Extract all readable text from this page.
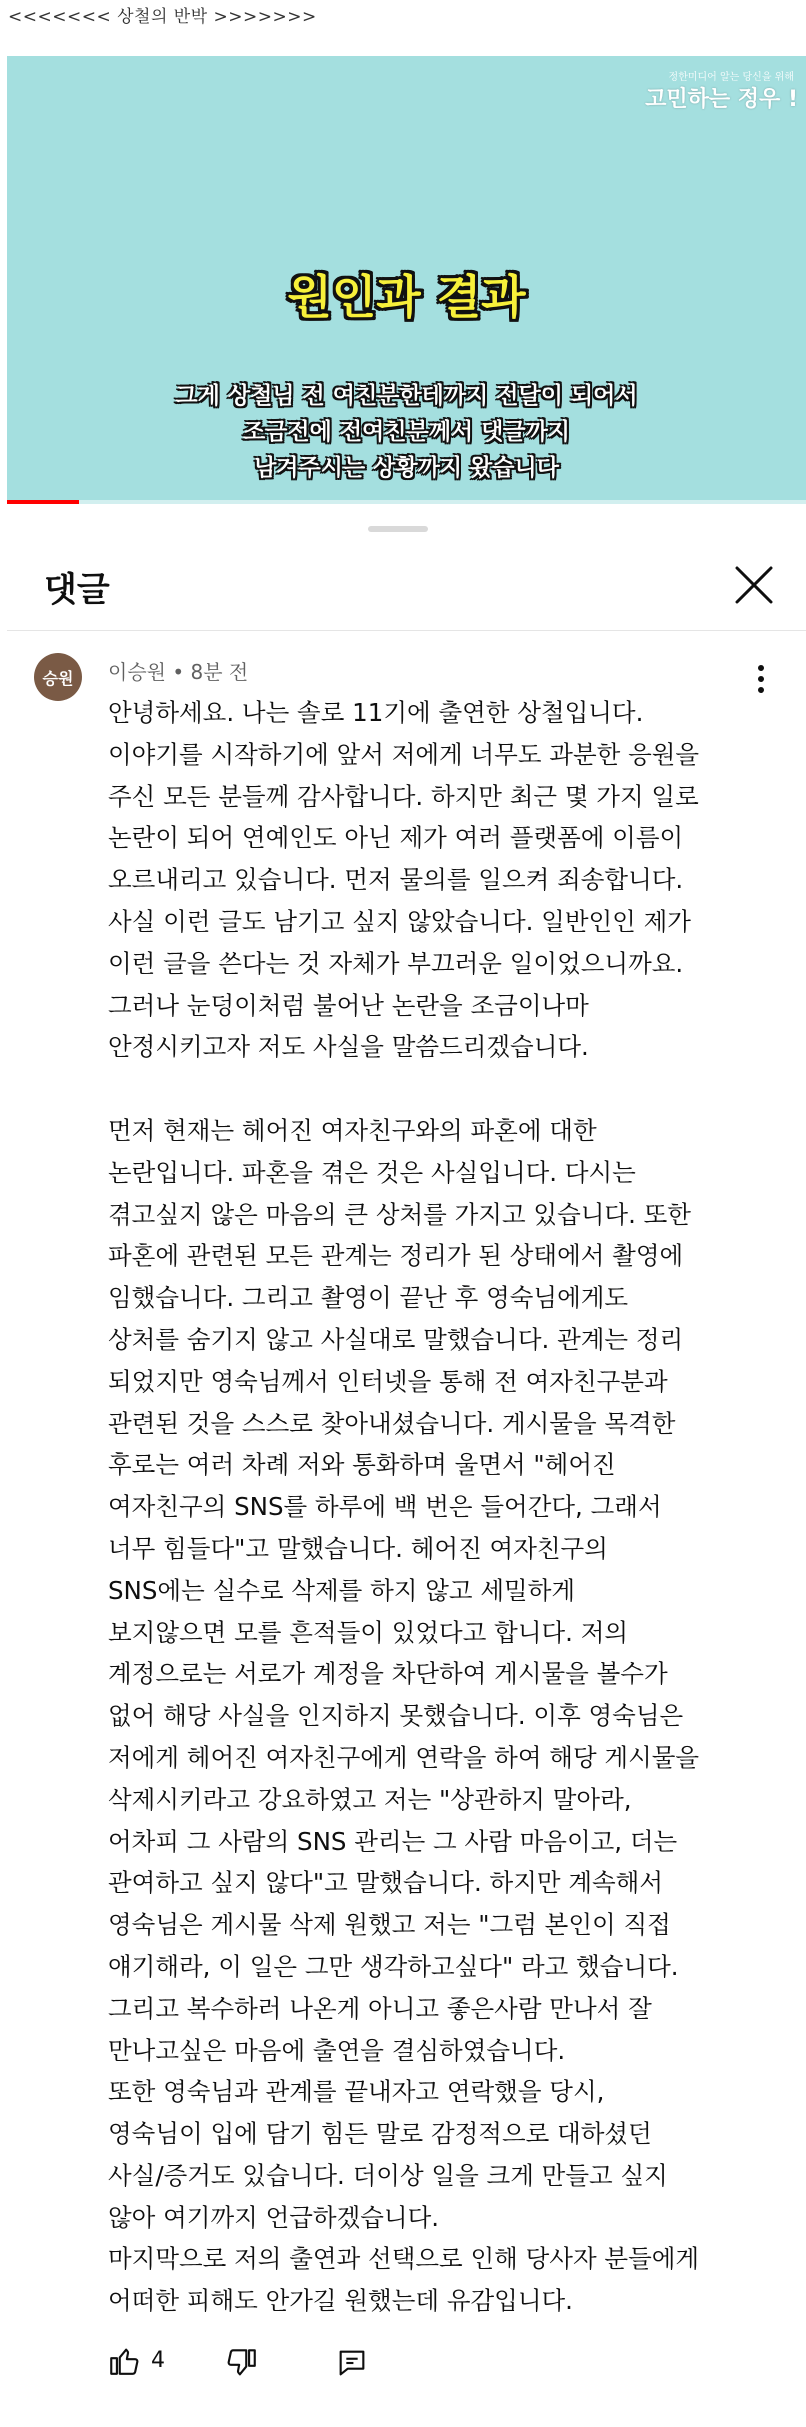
<<<<<<< 상철의 반박 >>>>>>>
정한미디어 알는 당신을 위해
고민하는 정우 !
원인과 결과
그게 상철님 전 여친분한테까지 전달이 되어서
조금전에 전여친분께서 댓글까지
남겨주시는 상황까지 왔습니다
댓글
승원	이승원 • 8분 전
안녕하세요. 나는 솔로 11기에 출연한 상철입니다.
이야기를 시작하기에 앞서 저에게 너무도 과분한 응원을
주신 모든 분들께 감사합니다. 하지만 최근 몇 가지 일로
논란이 되어 연예인도 아닌 제가 여러 플랫폼에 이름이
오르내리고 있습니다. 먼저 물의를 일으켜 죄송합니다.
사실 이런 글도 남기고 싶지 않았습니다. 일반인인 제가
이런 글을 쓴다는 것 자체가 부끄러운 일이었으니까요.
그러나 눈덩이처럼 불어난 논란을 조금이나마
안정시키고자 저도 사실을 말씀드리겠습니다.

먼저 현재는 헤어진 여자친구와의 파혼에 대한
논란입니다. 파혼을 겪은 것은 사실입니다. 다시는
겪고싶지 않은 마음의 큰 상처를 가지고 있습니다. 또한
파혼에 관련된 모든 관계는 정리가 된 상태에서 촬영에
임했습니다. 그리고 촬영이 끝난 후 영숙님에게도
상처를 숨기지 않고 사실대로 말했습니다. 관계는 정리
되었지만 영숙님께서 인터넷을 통해 전 여자친구분과
관련된 것을 스스로 찾아내셨습니다. 게시물을 목격한
후로는 여러 차례 저와 통화하며 울면서 "헤어진
여자친구의 SNS를 하루에 백 번은 들어간다, 그래서
너무 힘들다"고 말했습니다. 헤어진 여자친구의
SNS에는 실수로 삭제를 하지 않고 세밀하게
보지않으면 모를 흔적들이 있었다고 합니다. 저의
계정으로는 서로가 계정을 차단하여 게시물을 볼수가
없어 해당 사실을 인지하지 못했습니다. 이후 영숙님은
저에게 헤어진 여자친구에게 연락을 하여 해당 게시물을
삭제시키라고 강요하였고 저는 "상관하지 말아라,
어차피 그 사람의 SNS 관리는 그 사람 마음이고, 더는
관여하고 싶지 않다"고 말했습니다. 하지만 계속해서
영숙님은 게시물 삭제 원했고 저는 "그럼 본인이 직접
얘기해라, 이 일은 그만 생각하고싶다" 라고 했습니다.
그리고 복수하러 나온게 아니고 좋은사람 만나서 잘
만나고싶은 마음에 출연을 결심하였습니다.
또한 영숙님과 관계를 끝내자고 연락했을 당시,
영숙님이 입에 담기 힘든 말로 감정적으로 대하셨던
사실/증거도 있습니다. 더이상 일을 크게 만들고 싶지
않아 여기까지 언급하겠습니다.
마지막으로 저의 출연과 선택으로 인해 당사자 분들에게
어떠한 피해도 안가길 원했는데 유감입니다.
4
